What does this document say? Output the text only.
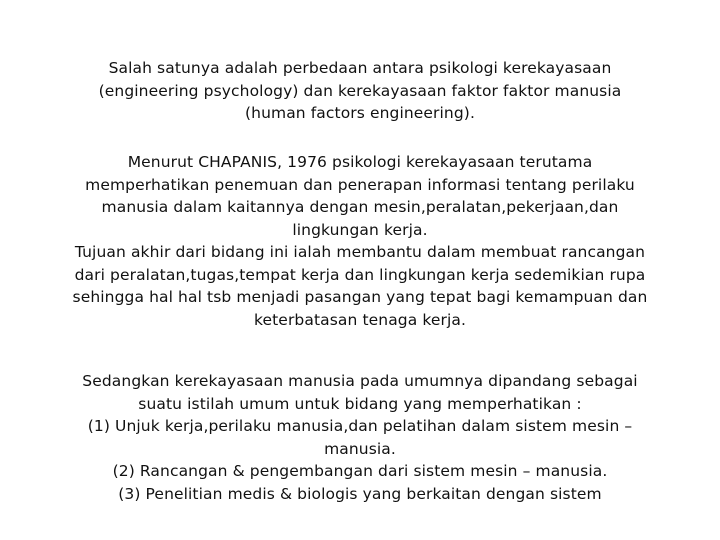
Salah satunya adalah perbedaan antara psikologi kerekayasaan
(engineering psychology) dan kerekayasaan faktor faktor manusia
(human factors engineering).
Menurut CHAPANIS, 1976 psikologi kerekayasaan terutama
memperhatikan penemuan dan penerapan informasi tentang perilaku
manusia dalam kaitannya dengan mesin,peralatan,pekerjaan,dan
lingkungan kerja.
Tujuan akhir dari bidang ini ialah membantu dalam membuat rancangan
dari peralatan,tugas,tempat kerja dan lingkungan kerja sedemikian rupa
sehingga hal hal tsb menjadi pasangan yang tepat bagi kemampuan dan
keterbatasan tenaga kerja.
Sedangkan kerekayasaan manusia pada umumnya dipandang sebagai
suatu istilah umum untuk bidang yang memperhatikan :
(1) Unjuk kerja,perilaku manusia,dan pelatihan dalam sistem mesin –
manusia.
(2) Rancangan & pengembangan dari sistem mesin – manusia.
(3) Penelitian medis & biologis yang berkaitan dengan sistem
